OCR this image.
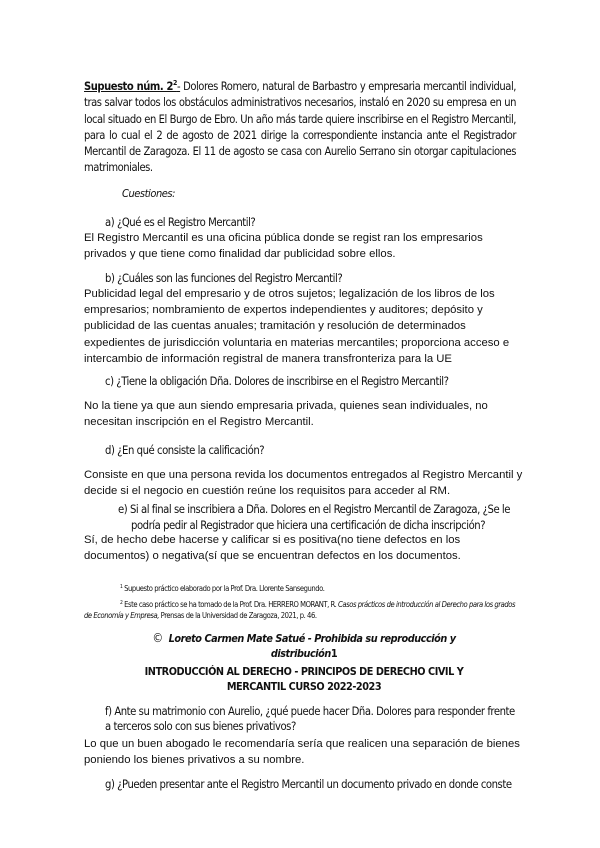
Supuesto núm. $2^2-$ Dolores Romero, natural de Barbastro y empresaria mercantil individual, tras salvar todos los obstáculos administrativos necesarios, instaló en 2020 su empresa en un local situado en El Burgo de Ebro. Un año más tarde quiere inscribirse en el Registro Mercantil, para lo cual el 2 de agosto de 2021 dirige la correspondiente instancia ante el Registrador Mercantil de Zaragoza. El 11 de agosto se casa con Aurelio Serrano sin otorgar capitulaciones matrimoniales.
Cuestiones:
a) ¿Qué es el Registro Mercantil?
El Registro Mercantil es una oficina pública donde se regist ran los empresarios privados y que tiene como finalidad dar publicidad sobre ellos.
b) ¿Cuáles son las funciones del Registro Mercantil?
Publicidad legal del empresario y de otros sujetos; legalización de los libros de los empresarios; nombramiento de expertos independientes y auditores; depósito y publicidad de las cuentas anuales; tramitación y resolución de determinados expedientes de jurisdicción voluntaria en materias mercantiles; proporciona acceso e intercambio de información registral de manera transfronteriza para la UE
c) ¿Tiene la obligación Dña. Dolores de inscribirse en el Registro Mercantil?
No la tiene ya que aun siendo empresaria privada, quienes sean individuales, no necesitan inscripción en el Registro Mercantil.
d) ¿En qué consiste la calificación?
Consiste en que una persona revida los documentos entregados al Registro Mercantil y decide si el negocio en cuestión reúne los requisitos para acceder al RM.
e) Si al final se inscribiera a Dña. Dolores en el Registro Mercantil de Zaragoza, ¿Se le
podría pedir al Registrador que hiciera una certificación de dicha inscripción?
Sí, de hecho debe hacerse y calificar si es positiva(no tiene defectos en los documentos) o negativa(sí que se encuentran defectos en los documentos.
$^1$ Supuesto práctico elaborado por la Prof. Dra. Llorente Sansegundo.
$^2$ Este caso práctico se ha tomado de la Prof. Dra. HERRERO MORANT, R. Casos prácticos de introducción al Derecho para los grados de Economía y Empresa, Prensas de la Universidad de Zaragoza, 2021, p. 46.
© Loreto Carmen Mate Satué - Prohibida su reproducción y
distribución1
INTRODUCCIÓN AL DERECHO - PRINCIPOS DE DERECHO CIVIL Y
MERCANTIL CURSO 2022-2023
f) Ante su matrimonio con Aurelio, ¿qué puede hacer Dña. Dolores para responder frente a terceros solo con sus bienes privativos?
Lo que un buen abogado le recomendaría sería que realicen una separación de bienes poniendo los bienes privativos a su nombre.
g) ¿Pueden presentar ante el Registro Mercantil un documento privado en donde conste
